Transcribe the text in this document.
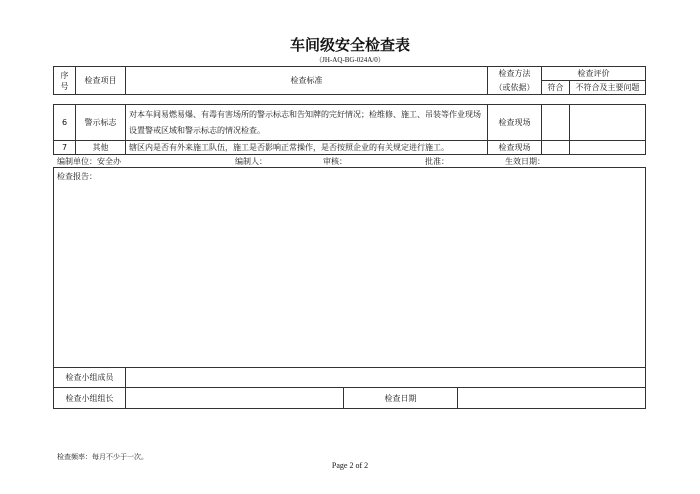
车间级安全检查表
（JH-AQ-BG-024A/0）
序号	检查项目	检查标准	检查方法	检查评价	
			（或依据）	符合	不符合及主要问题
6	警示标志	对本车间易燃易爆、有毒有害场所的警示标志和告知牌的完好情况；检维修、施工、吊装等作业现场设置警戒区域和警示标志的情况检查。	检查现场		
7	其他	辖区内是否有外来施工队伍，施工是否影响正常操作，是否按照企业的有关规定进行施工。	检查现场		
编制单位：安全办	编制人：	审核：	批准：	生效日期：
检查报告：			
检查小组成员			
检查小组组长		检查日期	
检查频率：每月不少于一次。
Page 2 of 2
